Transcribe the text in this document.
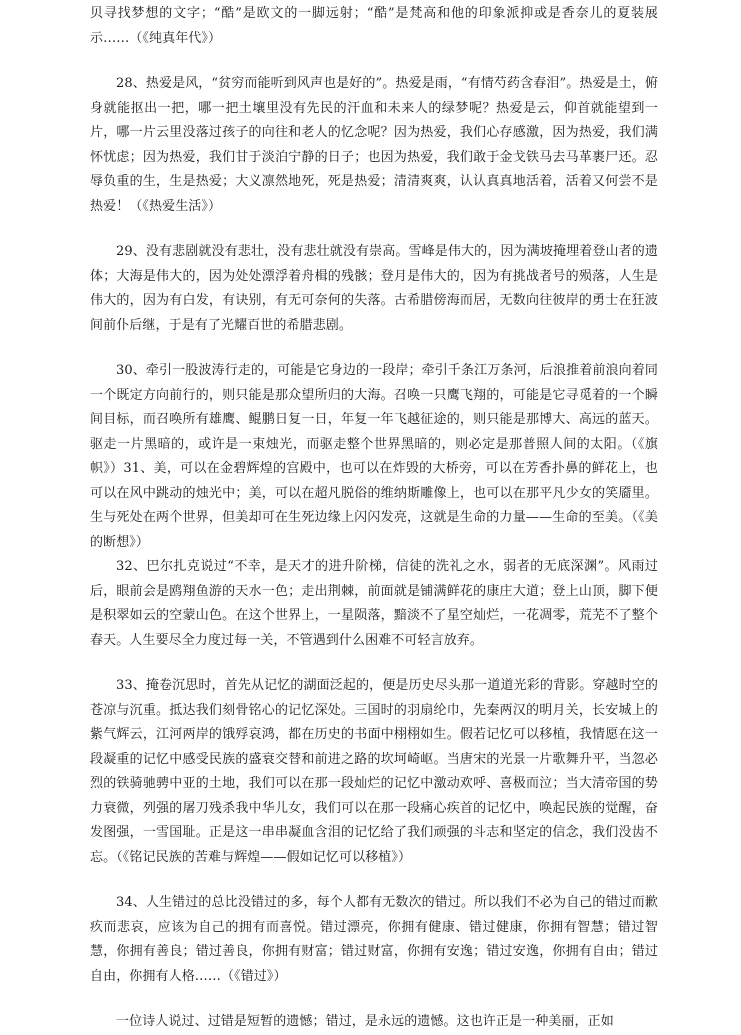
贝寻找梦想的文字；“酷”是欧文的一脚远射；“酷”是梵高和他的印象派抑或是香奈儿的夏装展示……（《纯真年代》）

28、热爱是风，“贫穷而能听到风声也是好的”。热爱是雨，“有情芍药含春泪”。热爱是土，俯身就能抠出一把，哪一把土壤里没有先民的汗血和未来人的绿梦呢？热爱是云，仰首就能望到一片，哪一片云里没落过孩子的向往和老人的忆念呢？因为热爱，我们心存感激，因为热爱，我们满怀忧虑；因为热爱，我们甘于淡泊宁静的日子；也因为热爱，我们敢于金戈铁马去马革裹尸还。忍辱负重的生，生是热爱；大义凛然地死，死是热爱；清清爽爽，认认真真地活着，活着又何尝不是热爱！（《热爱生活》）

29、没有悲剧就没有悲壮，没有悲壮就没有崇高。雪峰是伟大的，因为满坡掩埋着登山者的遗体；大海是伟大的，因为处处漂浮着舟楫的残骸；登月是伟大的，因为有挑战者号的殒落，人生是伟大的，因为有白发，有诀别，有无可奈何的失落。古希腊傍海而居，无数向往彼岸的勇士在狂波间前仆后继，于是有了光耀百世的希腊悲剧。

30、牵引一股波涛行走的，可能是它身边的一段岸；牵引千条江万条河，后浪推着前浪向着同一个既定方向前行的，则只能是那众望所归的大海。召唤一只鹰飞翔的，可能是它寻觅着的一个瞬间目标，而召唤所有雄鹰、鲲鹏日复一日，年复一年飞越征途的，则只能是那博大、高远的蓝天。驱走一片黑暗的，或许是一束烛光，而驱走整个世界黑暗的，则必定是那普照人间的太阳。（《旗帜》）31、美，可以在金碧辉煌的宫殿中，也可以在炸毁的大桥旁，可以在芳香扑鼻的鲜花上，也可以在风中跳动的烛光中；美，可以在超凡脱俗的维纳斯雕像上，也可以在那平凡少女的笑靥里。生与死处在两个世界，但美却可在生死边缘上闪闪发亮，这就是生命的力量——生命的至美。（《美的断想》）

32、巴尔扎克说过“不幸，是天才的进升阶梯，信徒的洗礼之水，弱者的无底深渊”。风雨过后，眼前会是鸥翔鱼游的天水一色；走出荆棘，前面就是铺满鲜花的康庄大道；登上山顶，脚下便是积翠如云的空蒙山色。在这个世界上，一星陨落，黯淡不了星空灿烂，一花凋零，荒芜不了整个春天。人生要尽全力度过每一关，不管遇到什么困难不可轻言放弃。

33、掩卷沉思时，首先从记忆的湖面泛起的，便是历史尽头那一道道光彩的背影。穿越时空的苍凉与沉重。抵达我们刻骨铭心的记忆深处。三国时的羽扇纶巾，先秦两汉的明月关，长安城上的紫气辉云，江河两岸的饿殍哀鸿，都在历史的书面中栩栩如生。假若记忆可以移植，我情愿在这一段凝重的记忆中感受民族的盛衰交替和前进之路的坎坷崎岖。当唐宋的光景一片歌舞升平，当忽必烈的铁骑驰骋中亚的土地，我们可以在那一段灿烂的记忆中激动欢呼、喜极而泣；当大清帝国的势力衰微，列强的屠刀残杀我中华儿女，我们可以在那一段痛心疾首的记忆中，唤起民族的觉醒，奋发图强，一雪国耻。正是这一串串凝血含泪的记忆给了我们顽强的斗志和坚定的信念，我们没齿不忘。（《铭记民族的苦难与辉煌——假如记忆可以移植》）

34、人生错过的总比没错过的多，每个人都有无数次的错过。所以我们不必为自己的错过而歉疚而悲哀，应该为自己的拥有而喜悦。错过漂亮，你拥有健康、错过健康，你拥有智慧；错过智慧，你拥有善良；错过善良，你拥有财富；错过财富，你拥有安逸；错过安逸，你拥有自由；错过自由，你拥有人格……（《错过》）

一位诗人说过、过错是短暂的遗憾；错过，是永远的遗憾。这也许正是一种美丽，正如
